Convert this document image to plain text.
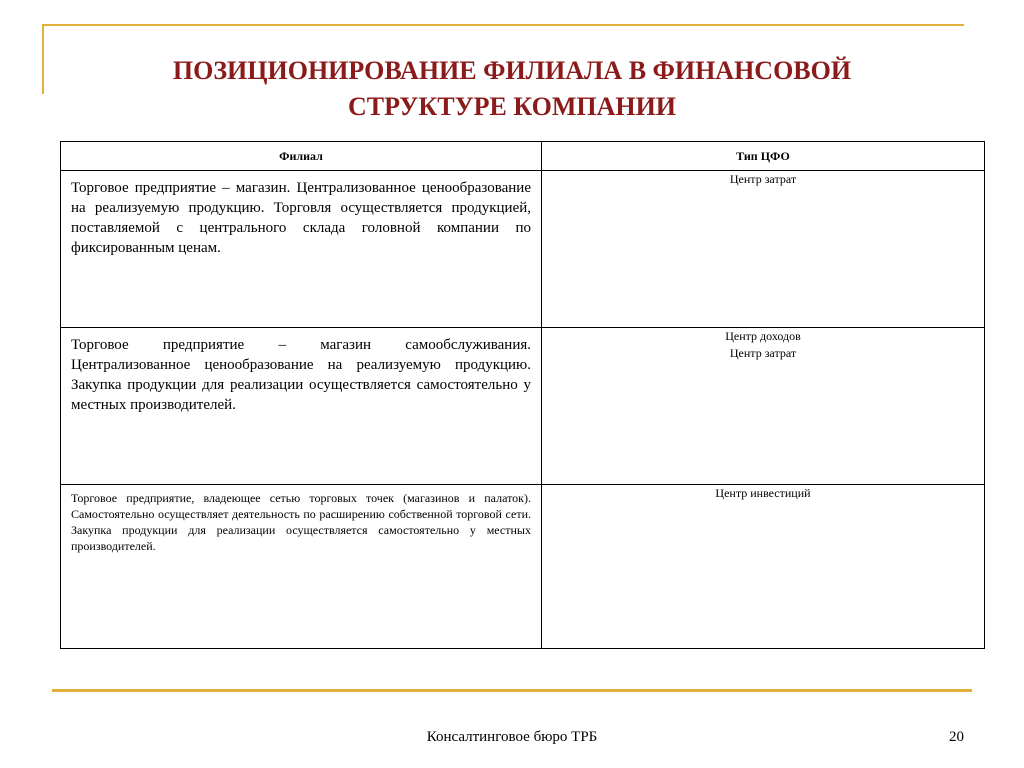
ПОЗИЦИОНИРОВАНИЕ ФИЛИАЛА В ФИНАНСОВОЙ
СТРУКТУРЕ КОМПАНИИ
Филиал	Тип ЦФО

Торговое предприятие – магазин. Централизованное ценообразование на реализуемую продукцию. Торговля осуществляется продукцией, поставляемой с центрального склада головной компании по фиксированным ценам.	Центр затрат

Торговое предприятие – магазин самообслуживания. Централизованное ценообразование на реализуемую продукцию. Закупка продукции для реализации осуществляется самостоятельно у местных производителей.	Центр доходов
Центр затрат

Торговое предприятие, владеющее сетью торговых точек (магазинов и палаток). Самостоятельно осуществляет деятельность по расширению собственной торговой сети. Закупка продукции для реализации осуществляется самостоятельно у местных производителей.	Центр инвестиций
Консалтинговое бюро ТРБ	20
